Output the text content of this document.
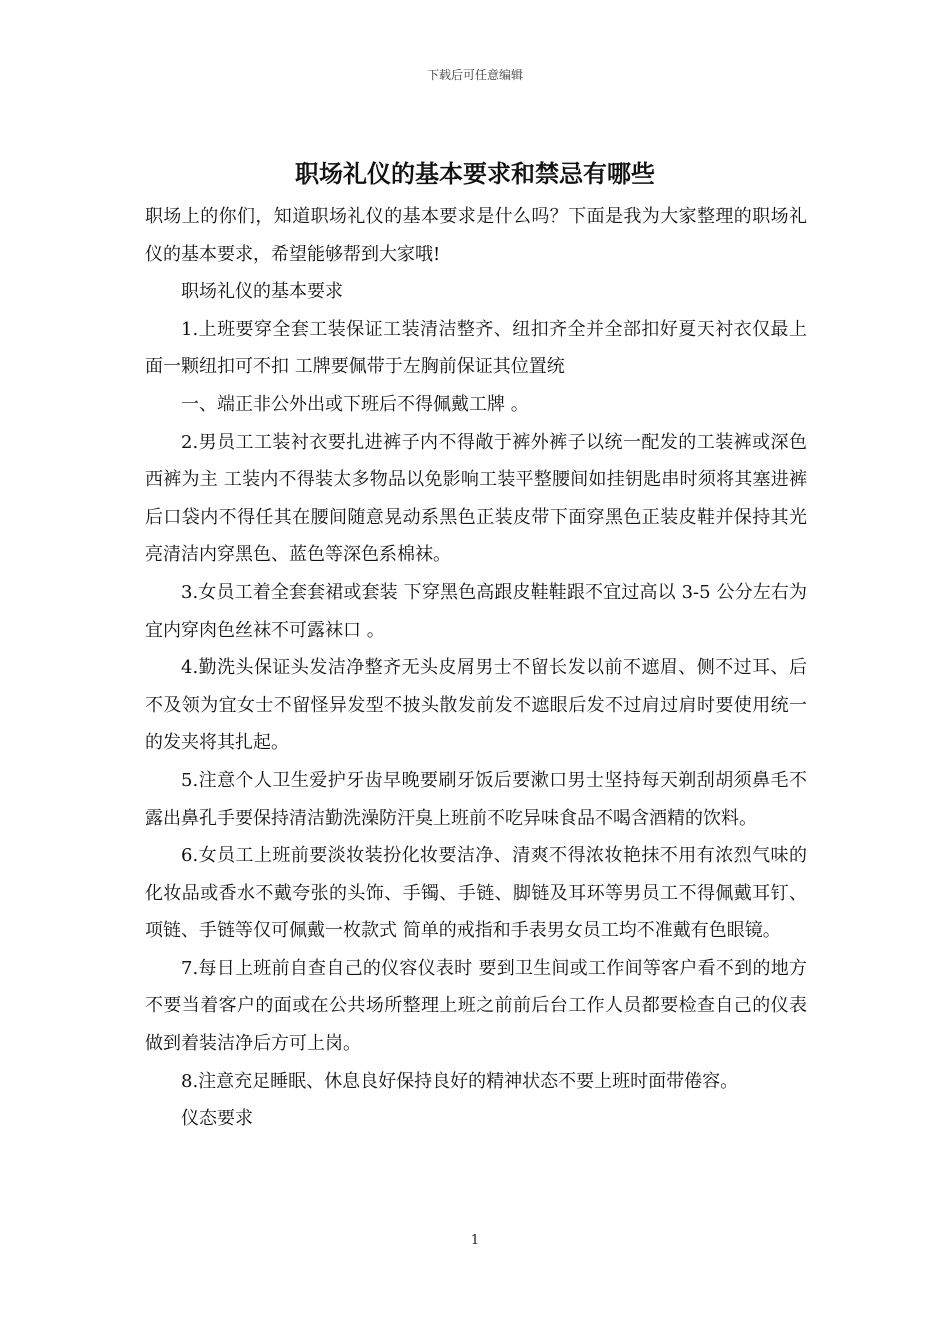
下载后可任意编辑
职场礼仪的基本要求和禁忌有哪些

职场上的你们，知道职场礼仪的基本要求是什么吗？下面是我为大家整理的职场礼仪的基本要求，希望能够帮到大家哦!

职场礼仪的基本要求

1.上班要穿全套工装保证工装清洁整齐、纽扣齐全并全部扣好夏天衬衣仅最上面一颗纽扣可不扣 工牌要佩带于左胸前保证其位置统

一、端正非公外出或下班后不得佩戴工牌 。

2.男员工工装衬衣要扎进裤子内不得敞于裤外裤子以统一配发的工装裤或深色西裤为主 工装内不得装太多物品以免影响工装平整腰间如挂钥匙串时须将其塞进裤后口袋内不得任其在腰间随意晃动系黑色正装皮带下面穿黑色正装皮鞋并保持其光亮清洁内穿黑色、蓝色等深色系棉袜。

3.女员工着全套套裙或套装 下穿黑色高跟皮鞋鞋跟不宜过高以 3-5 公分左右为宜内穿肉色丝袜不可露袜口 。

4.勤洗头保证头发洁净整齐无头皮屑男士不留长发以前不遮眉、侧不过耳、后不及领为宜女士不留怪异发型不披头散发前发不遮眼后发不过肩过肩时要使用统一的发夹将其扎起。

5.注意个人卫生爱护牙齿早晚要刷牙饭后要漱口男士坚持每天剃刮胡须鼻毛不露出鼻孔手要保持清洁勤洗澡防汗臭上班前不吃异味食品不喝含酒精的饮料。

6.女员工上班前要淡妆装扮化妆要洁净、清爽不得浓妆艳抹不用有浓烈气味的化妆品或香水不戴夸张的头饰、手镯、手链、脚链及耳环等男员工不得佩戴耳钉、项链、手链等仅可佩戴一枚款式 简单的戒指和手表男女员工均不准戴有色眼镜。

7.每日上班前自查自己的仪容仪表时 要到卫生间或工作间等客户看不到的地方不要当着客户的面或在公共场所整理上班之前前后台工作人员都要检查自己的仪表做到着装洁净后方可上岗。

8.注意充足睡眠、休息良好保持良好的精神状态不要上班时面带倦容。

仪态要求

1
